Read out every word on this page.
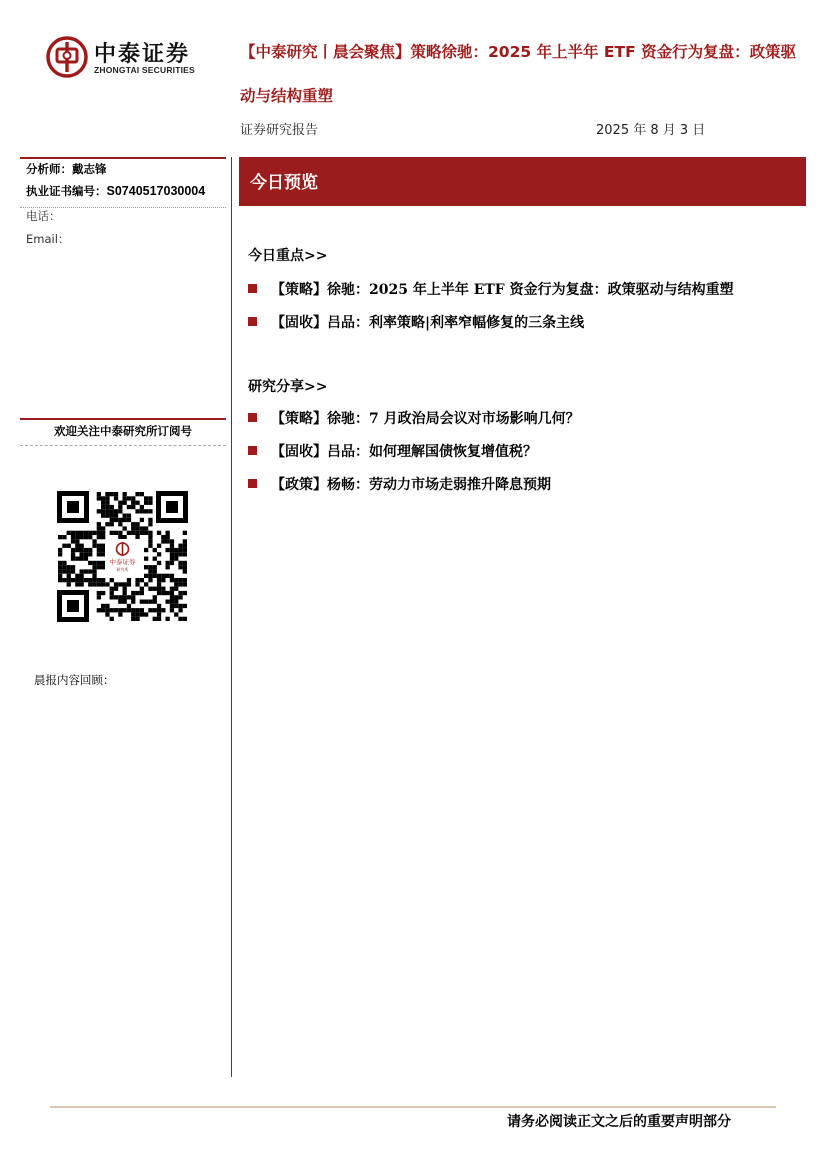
中泰证券
ZHONGTAI SECURITIES
【中泰研究丨晨会聚焦】策略徐驰：2025 年上半年 ETF 资金行为复盘：政策驱动与结构重塑
证券研究报告	2025 年 8 月 3 日
分析师：戴志锋
执业证书编号：S0740517030004
电话：
Email：
欢迎关注中泰研究所订阅号
中泰证券
研究所
晨报内容回顾：
今日预览
今日重点>>
【策略】徐驰：2025 年上半年 ETF 资金行为复盘：政策驱动与结构重塑
【固收】吕品：利率策略|利率窄幅修复的三条主线
研究分享>>
【策略】徐驰：7 月政治局会议对市场影响几何？
【固收】吕品：如何理解国债恢复增值税？
【政策】杨畅：劳动力市场走弱推升降息预期
请务必阅读正文之后的重要声明部分
